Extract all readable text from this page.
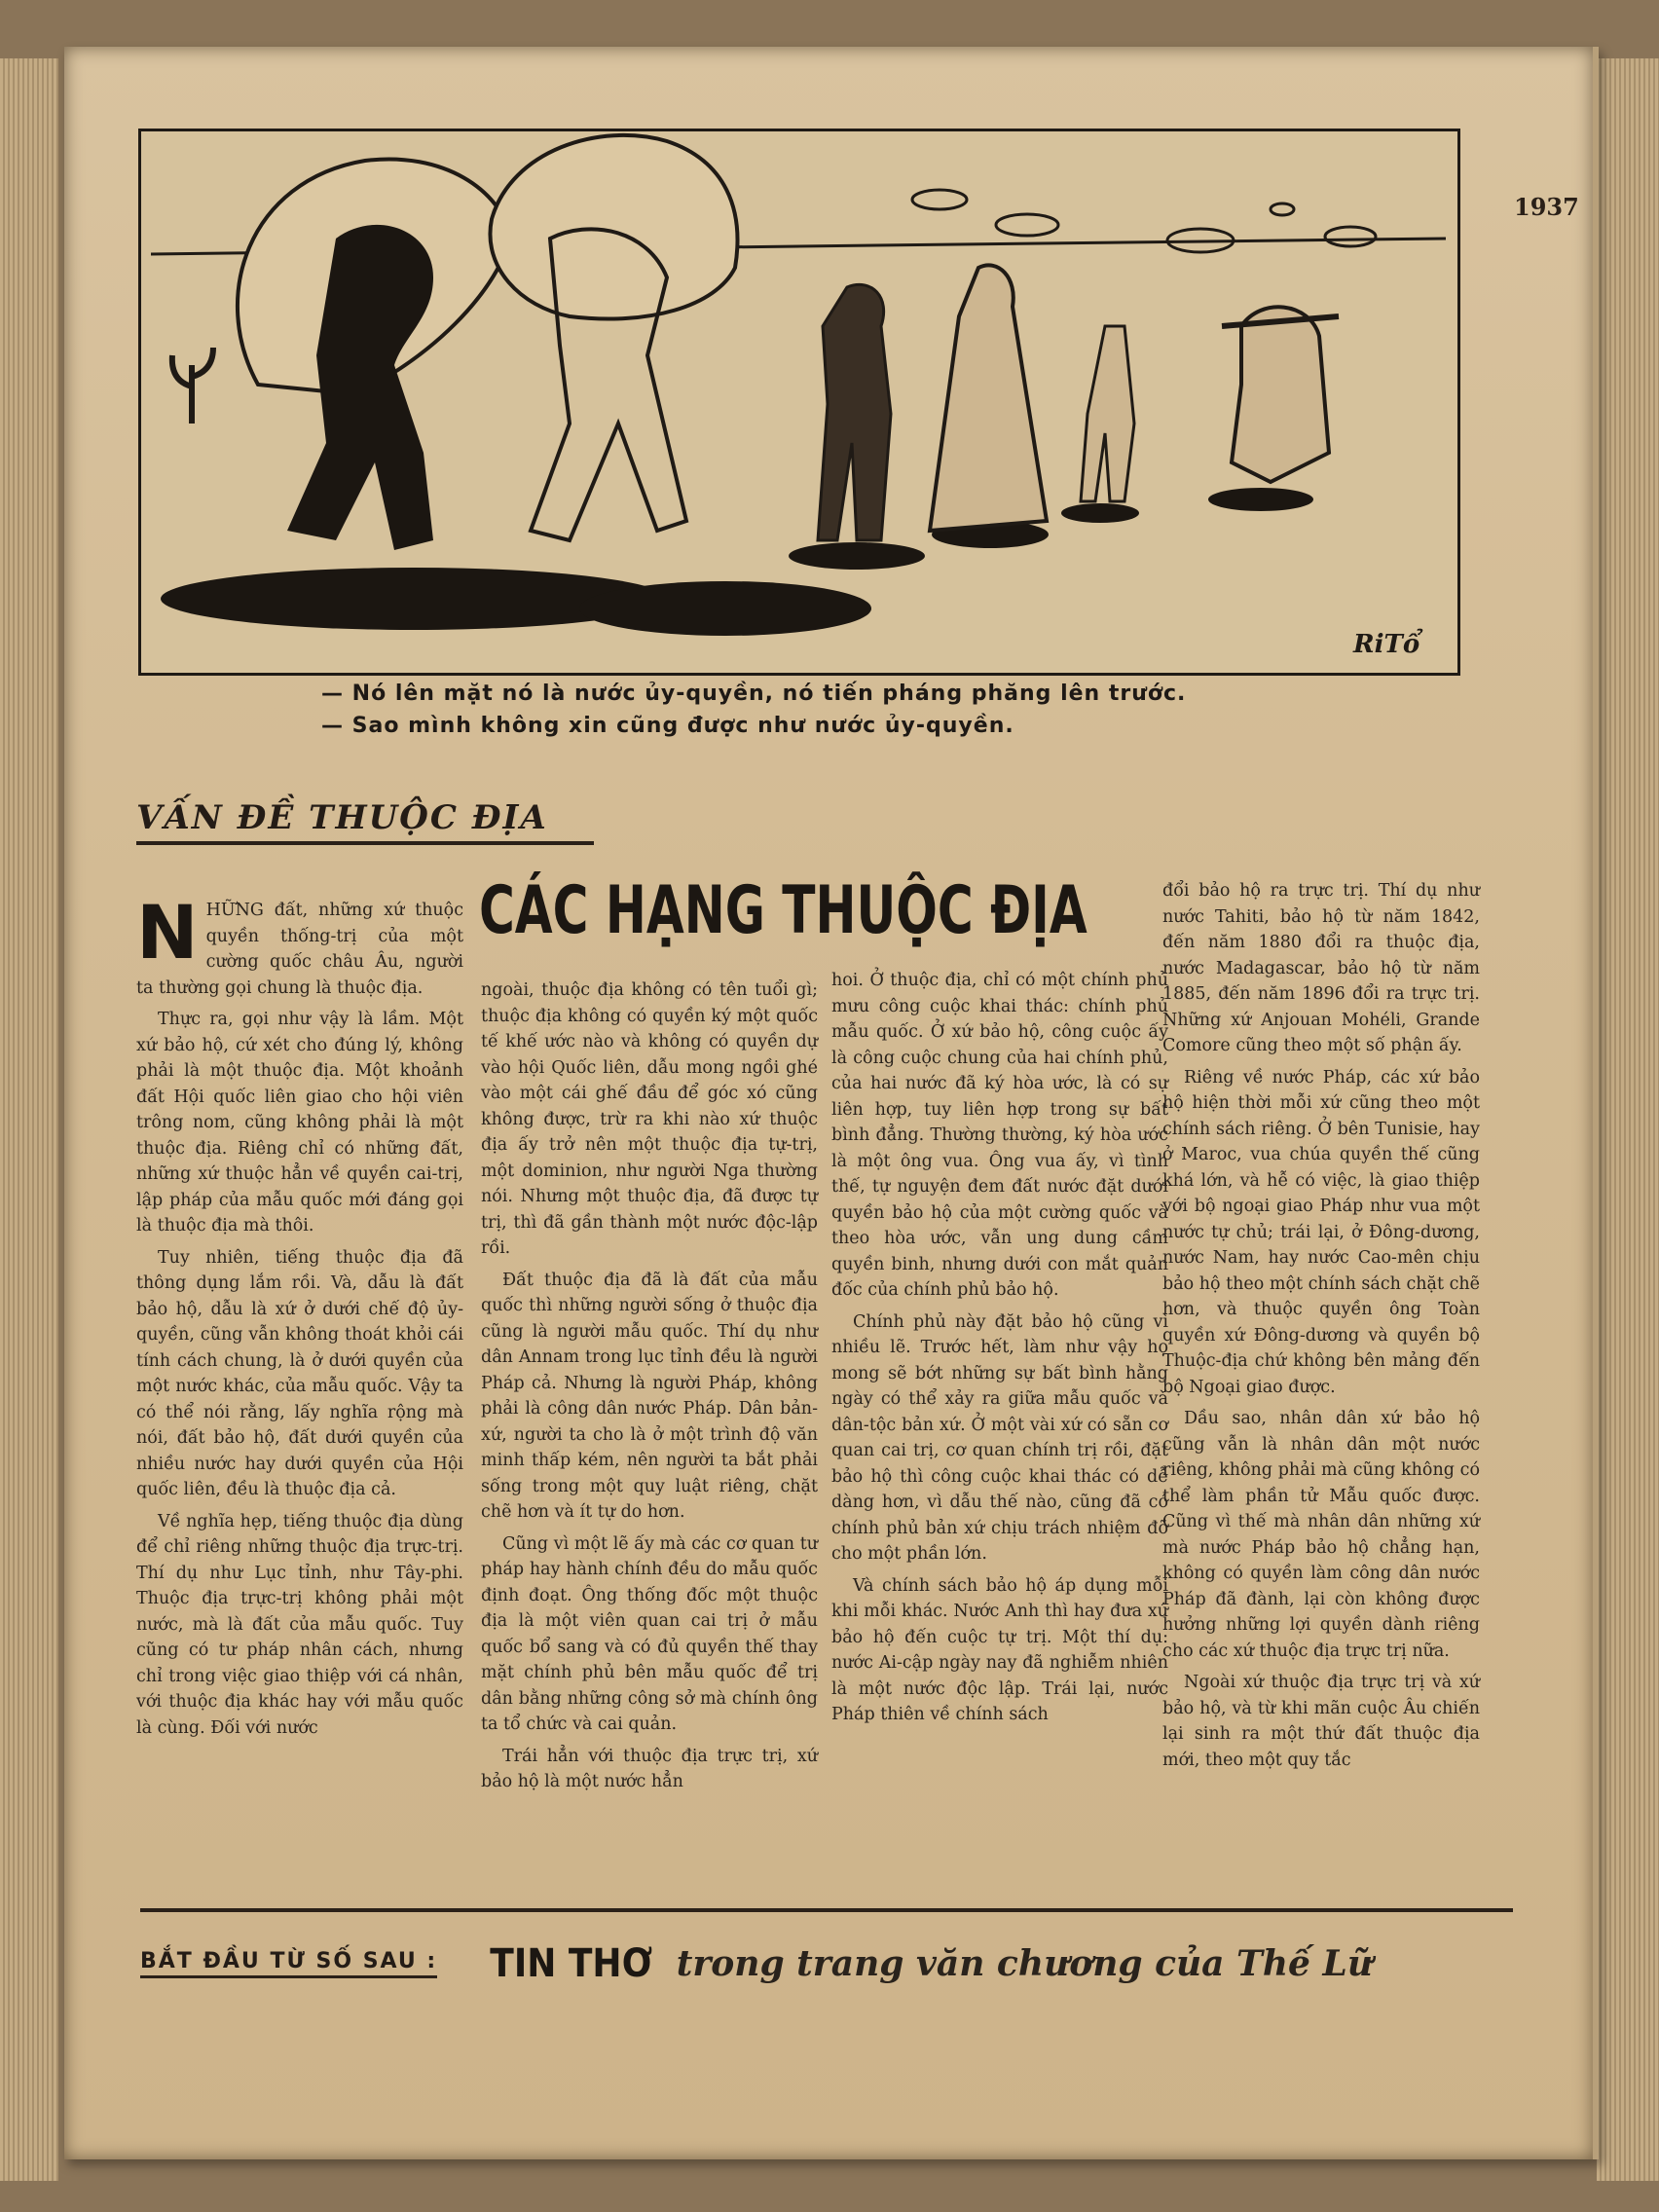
1937
RiTổ
— Nó lên mặt nó là nước ủy-quyền, nó tiến pháng phăng lên trước.
— Sao mình không xin cũng được như nước ủy-quyền.
VẤN ĐỀ THUỘC ĐỊA
CÁC HẠNG THUỘC ĐỊA

NHỮNG đất, những xứ thuộc quyền thống-trị của một cường quốc châu Âu, người ta thường gọi chung là thuộc địa.

Thực ra, gọi như vậy là lầm. Một xứ bảo hộ, cứ xét cho đúng lý, không phải là một thuộc địa. Một khoảnh đất Hội quốc liên giao cho hội viên trông nom, cũng không phải là một thuộc địa. Riêng chỉ có những đất, những xứ thuộc hẳn về quyền cai-trị, lập pháp của mẫu quốc mới đáng gọi là thuộc địa mà thôi.

Tuy nhiên, tiếng thuộc địa đã thông dụng lắm rồi. Và, dẫu là đất bảo hộ, dẫu là xứ ở dưới chế độ ủy-quyền, cũng vẫn không thoát khỏi cái tính cách chung, là ở dưới quyền của một nước khác, của mẫu quốc. Vậy ta có thể nói rằng, lấy nghĩa rộng mà nói, đất bảo hộ, đất dưới quyền của nhiều nước hay dưới quyền của Hội quốc liên, đều là thuộc địa cả.

Về nghĩa hẹp, tiếng thuộc địa dùng để chỉ riêng những thuộc địa trực-trị. Thí dụ như Lục tỉnh, như Tây-phi. Thuộc địa trực-trị không phải một nước, mà là đất của mẫu quốc. Tuy cũng có tư pháp nhân cách, nhưng chỉ trong việc giao thiệp với cá nhân, với thuộc địa khác hay với mẫu quốc là cùng. Đối với nước

ngoài, thuộc địa không có tên tuổi gì; thuộc địa không có quyền ký một quốc tế khế ước nào và không có quyền dự vào hội Quốc liên, dẫu mong ngồi ghé vào một cái ghế đầu để góc xó cũng không được, trừ ra khi nào xứ thuộc địa ấy trở nên một thuộc địa tự-trị, một dominion, như người Nga thường nói. Nhưng một thuộc địa, đã được tự trị, thì đã gần thành một nước độc-lập rồi.

Đất thuộc địa đã là đất của mẫu quốc thì những người sống ở thuộc địa cũng là người mẫu quốc. Thí dụ như dân Annam trong lục tỉnh đều là người Pháp cả. Nhưng là người Pháp, không phải là công dân nước Pháp. Dân bản-xứ, người ta cho là ở một trình độ văn minh thấp kém, nên người ta bắt phải sống trong một quy luật riêng, chặt chẽ hơn và ít tự do hơn.

Cũng vì một lẽ ấy mà các cơ quan tư pháp hay hành chính đều do mẫu quốc định đoạt. Ông thống đốc một thuộc địa là một viên quan cai trị ở mẫu quốc bổ sang và có đủ quyền thế thay mặt chính phủ bên mẫu quốc để trị dân bằng những công sở mà chính ông ta tổ chức và cai quản.

Trái hẳn với thuộc địa trực trị, xứ bảo hộ là một nước hẳn

hoi. Ở thuộc địa, chỉ có một chính phủ mưu công cuộc khai thác: chính phủ mẫu quốc. Ở xứ bảo hộ, công cuộc ấy là công cuộc chung của hai chính phủ, của hai nước đã ký hòa ước, là có sự liên hợp, tuy liên hợp trong sự bất bình đẳng. Thường thường, ký hòa ước là một ông vua. Ông vua ấy, vì tình thế, tự nguyện đem đất nước đặt dưới quyền bảo hộ của một cường quốc và theo hòa ước, vẫn ung dung cầm quyền binh, nhưng dưới con mắt quản đốc của chính phủ bảo hộ.

Chính phủ này đặt bảo hộ cũng vì nhiều lẽ. Trước hết, làm như vậy họ mong sẽ bớt những sự bất bình hằng ngày có thể xảy ra giữa mẫu quốc và dân-tộc bản xứ. Ở một vài xứ có sẵn cơ quan cai trị, cơ quan chính trị rồi, đặt bảo hộ thì công cuộc khai thác có dễ dàng hơn, vì dẫu thế nào, cũng đã có chính phủ bản xứ chịu trách nhiệm đỡ cho một phần lớn.

Và chính sách bảo hộ áp dụng mỗi khi mỗi khác. Nước Anh thì hay đưa xứ bảo hộ đến cuộc tự trị. Một thí dụ: nước Ai-cập ngày nay đã nghiễm nhiên là một nước độc lập. Trái lại, nước Pháp thiên về chính sách

đổi bảo hộ ra trực trị. Thí dụ như nước Tahiti, bảo hộ từ năm 1842, đến năm 1880 đổi ra thuộc địa, nước Madagascar, bảo hộ từ năm 1885, đến năm 1896 đổi ra trực trị. Những xứ Anjouan Mohéli, Grande Comore cũng theo một số phận ấy.

Riêng về nước Pháp, các xứ bảo hộ hiện thời mỗi xứ cũng theo một chính sách riêng. Ở bên Tunisie, hay ở Maroc, vua chúa quyền thế cũng khá lớn, và hễ có việc, là giao thiệp với bộ ngoại giao Pháp như vua một nước tự chủ; trái lại, ở Đông-dương, nước Nam, hay nước Cao-mên chịu bảo hộ theo một chính sách chặt chẽ hơn, và thuộc quyền ông Toàn quyền xứ Đông-dương và quyền bộ Thuộc-địa chứ không bên mảng đến bộ Ngoại giao được.

Dầu sao, nhân dân xứ bảo hộ cũng vẫn là nhân dân một nước riêng, không phải mà cũng không có thể làm phần tử Mẫu quốc được. Cũng vì thế mà nhân dân những xứ mà nước Pháp bảo hộ chẳng hạn, không có quyền làm công dân nước Pháp đã đành, lại còn không được hưởng những lợi quyền dành riêng cho các xứ thuộc địa trực trị nữa.

Ngoài xứ thuộc địa trực trị và xứ bảo hộ, và từ khi mãn cuộc Âu chiến lại sinh ra một thứ đất thuộc địa mới, theo một quy tắc

BẮT ĐẦU TỪ SỐ SAU : TIN THƠ trong trang văn chương của Thế Lữ
